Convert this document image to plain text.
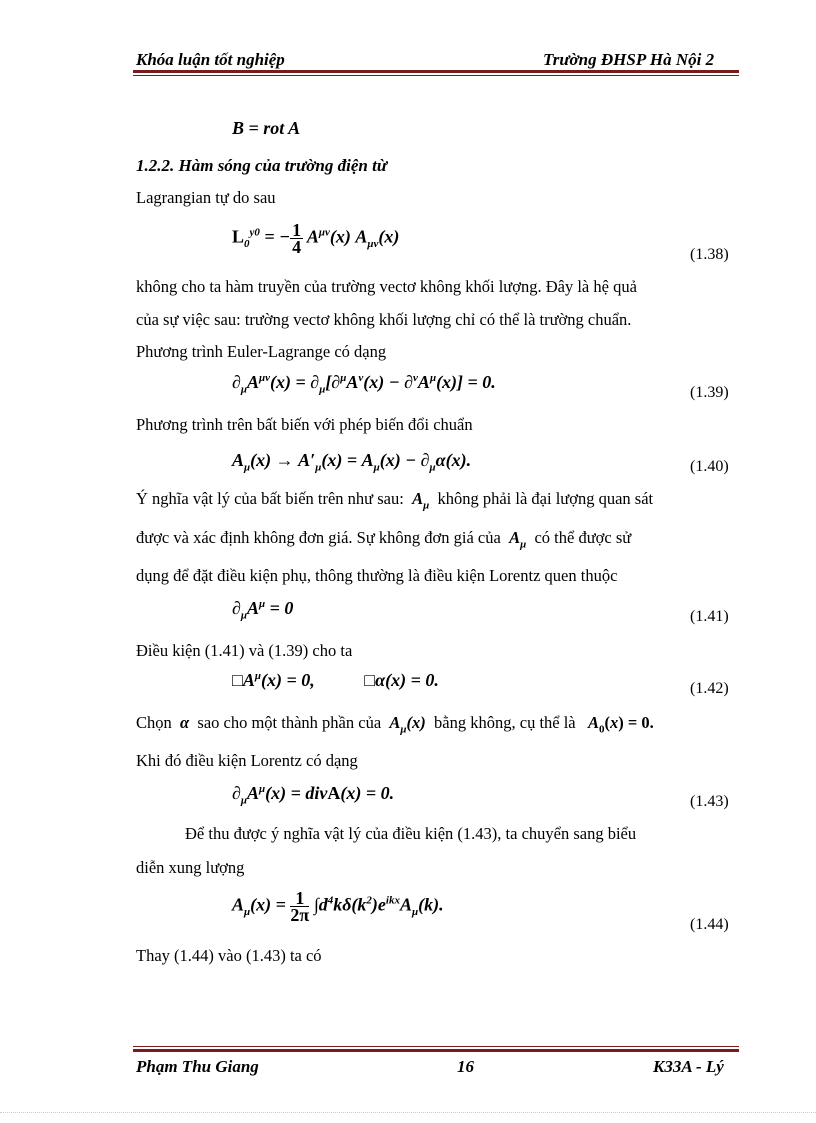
Khóa luận tốt nghiệp	Trường ĐHSP Hà Nội 2
B = rot A
1.2.2. Hàm sóng của trường điện từ
Lagrangian tự do sau
$L_0^{y0}$ = − $\frac{1}{4} A^{\mu\nu}(x)$ $A_{\mu\nu}(x)$
(1.38)
không cho ta hàm truyền của trường vectơ không khối lượng. Đây là hệ quả
của sự việc sau: trường vectơ không khối lượng chỉ có thể là trường chuẩn.
Phương trình Euler-Lagrange có dạng
$\partial_\mu A^{\mu\nu}(x) = \partial_\mu[\partial^\mu A^\nu(x) - \partial^\nu A^\mu(x)] = 0$.
(1.39)
Phương trình trên bất biến với phép biến đổi chuẩn
$A_\mu(x) \to A'_\mu(x) = A_\mu(x) - \partial_\mu\alpha(x)$.	(1.40)
Ý nghĩa vật lý của bất biến trên như sau:  $A_\mu$ không phải là đại lượng quan sát
được và xác định không đơn giá. Sự không đơn giá của  $A_\mu$ có thể được sử
dụng để đặt điều kiện phụ, thông thường là điều kiện Lorentz quen thuộc
$\partial_\mu A^\mu = 0$	(1.41)
Điều kiện (1.41) và (1.39) cho ta
$□A^\mu(x) = 0$,           □α(x) = 0.	(1.42)
Chọn  α  sao cho một thành phần của  $A_\mu(x)$  bằng không, cụ thể là $A_0(x) = 0$.
Khi đó điều kiện Lorentz có dạng
$\partial_\mu A^\mu(x)$ = divA(x) = 0.	(1.43)
Để thu được ý nghĩa vật lý của điều kiện (1.43), ta chuyển sang biểu
diễn xung lượng
$A_\mu(x) = \frac{1}{2\pi} \int d^4k\delta(k^2)e^{ikx}A_\mu(k)$.
(1.44)
Thay (1.44) vào (1.43) ta có
Phạm Thu Giang	16	K33A - Lý
